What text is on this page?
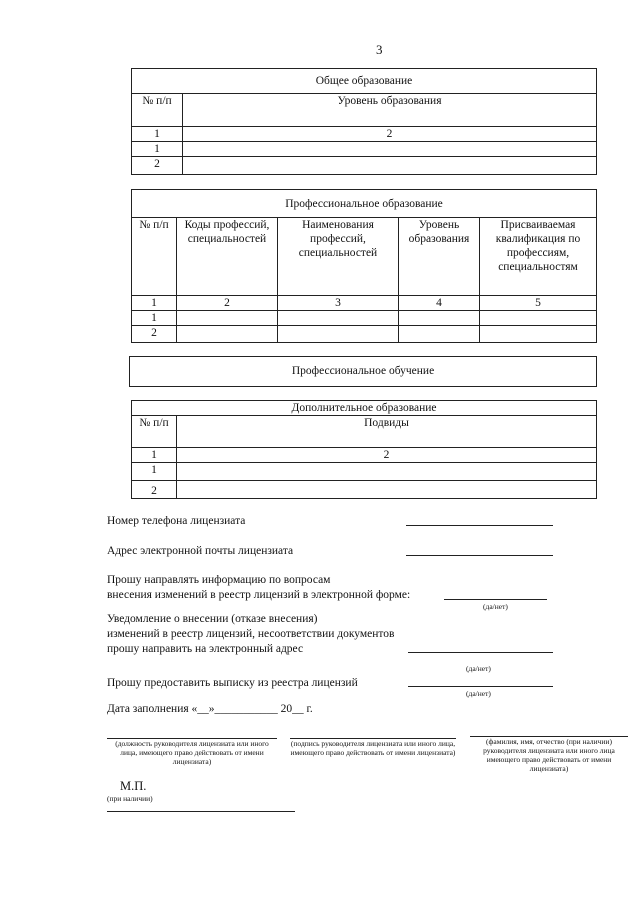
3
Общее образование	
№ п/п	Уровень образования
1	2
1	
2	
Профессиональное образование				
№ п/п	Коды профессий, специальностей	Наименования профессий, специальностей	Уровень образования	Присваиваемая квалификация по профессиям, специальностям
1	2	3	4	5
1				
2				
Профессиональное обучение
Дополнительное образование	
№ п/п	Подвиды
1	2
1	
2	
Номер телефона лицензиата
Адрес электронной почты лицензиата
Прошу направлять информацию по вопросам
внесения изменений в реестр лицензий в электронной форме:
(да/нет)
Уведомление о внесении (отказе внесения)
изменений в реестр лицензий, несоответствии документов
прошу направить на электронный адрес
(да/нет)
Прошу предоставить выписку из реестра лицензий
(да/нет)
Дата заполнения «__»___________ 20__ г.
(должность руководителя лицензиата или иного лица, имеющего право действовать от имени лицензиата)
(подпись руководителя лицензиата или иного лица, имеющего право действовать от имени лицензиата)
(фамилия, имя, отчество (при наличии) руководителя лицензиата или иного лица имеющего право действовать от имени лицензиата)
М.П.
(при наличии)
